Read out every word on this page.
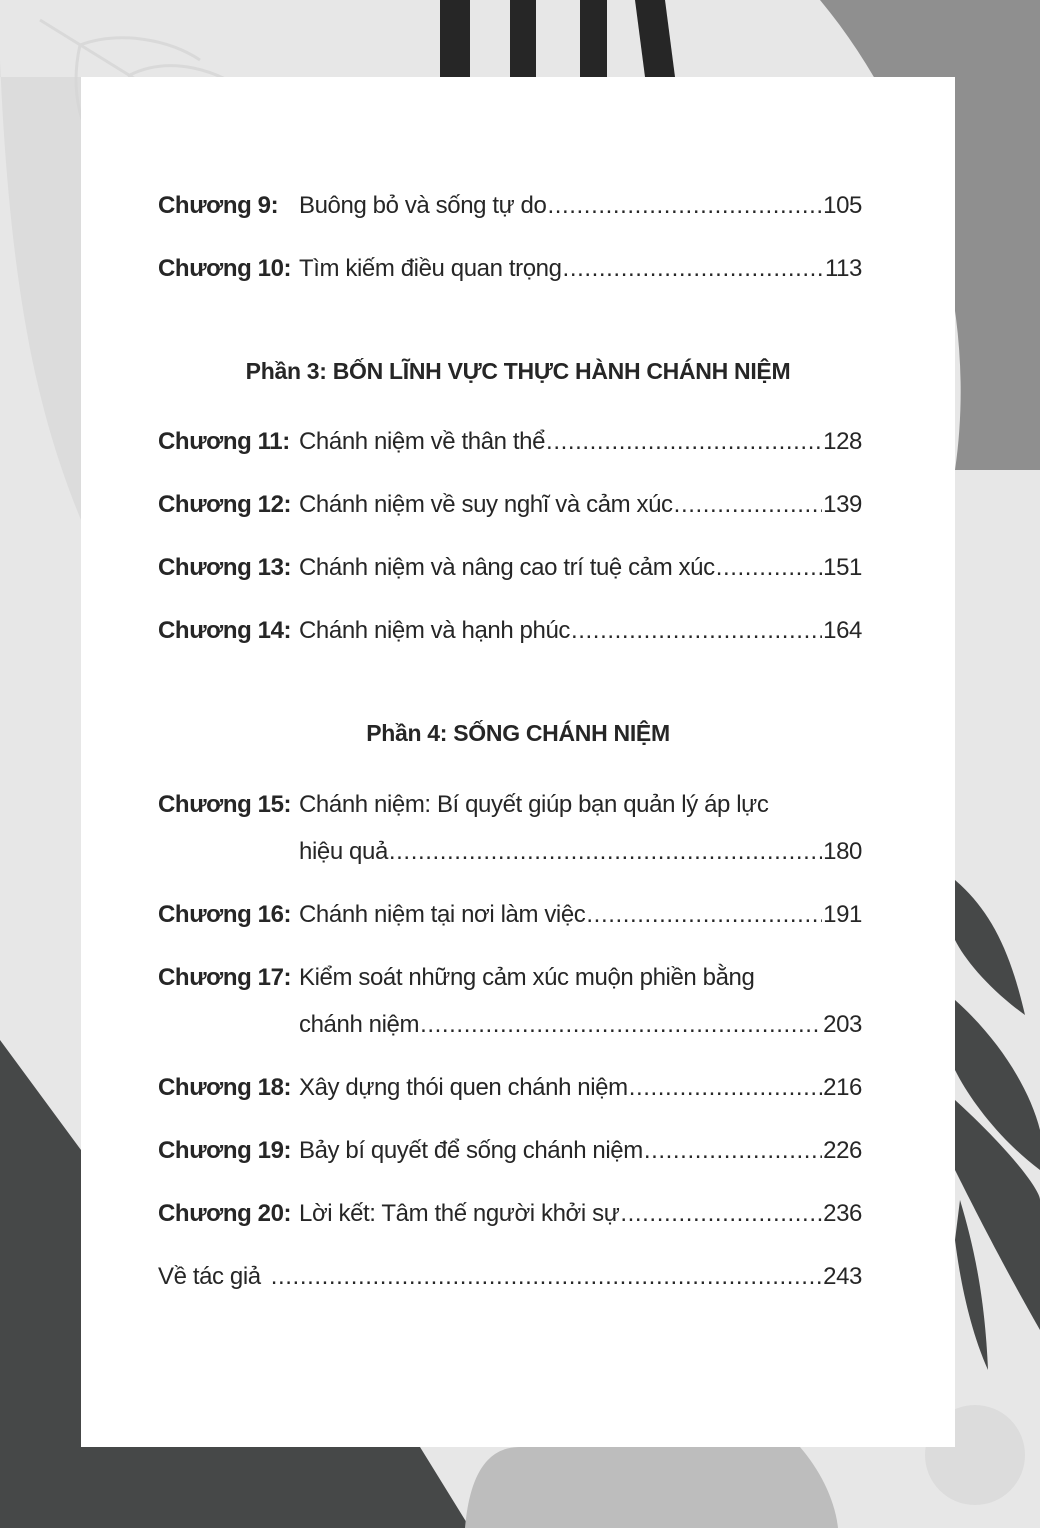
Chương 9: Buông bỏ và sống tự do .....	105
Chương 10: Tìm kiếm điều quan trọng .....	113
Phần 3: BỐN LĨNH VỰC THỰC HÀNH CHÁNH NIỆM
Chương 11: Chánh niệm về thân thể .....	128
Chương 12: Chánh niệm về suy nghĩ và cảm xúc .....	139
Chương 13: Chánh niệm và nâng cao trí tuệ cảm xúc .....	151
Chương 14: Chánh niệm và hạnh phúc .....	164
Phần 4: SỐNG CHÁNH NIỆM
Chương 15: Chánh niệm: Bí quyết giúp bạn quản lý áp lực
hiệu quả .....	180
Chương 16: Chánh niệm tại nơi làm việc .....	191
Chương 17: Kiểm soát những cảm xúc muộn phiền bằng
chánh niệm .....	203
Chương 18: Xây dựng thói quen chánh niệm .....	216
Chương 19: Bảy bí quyết để sống chánh niệm .....	226
Chương 20: Lời kết: Tâm thế người khởi sự .....	236
Về tác giả .....	243
